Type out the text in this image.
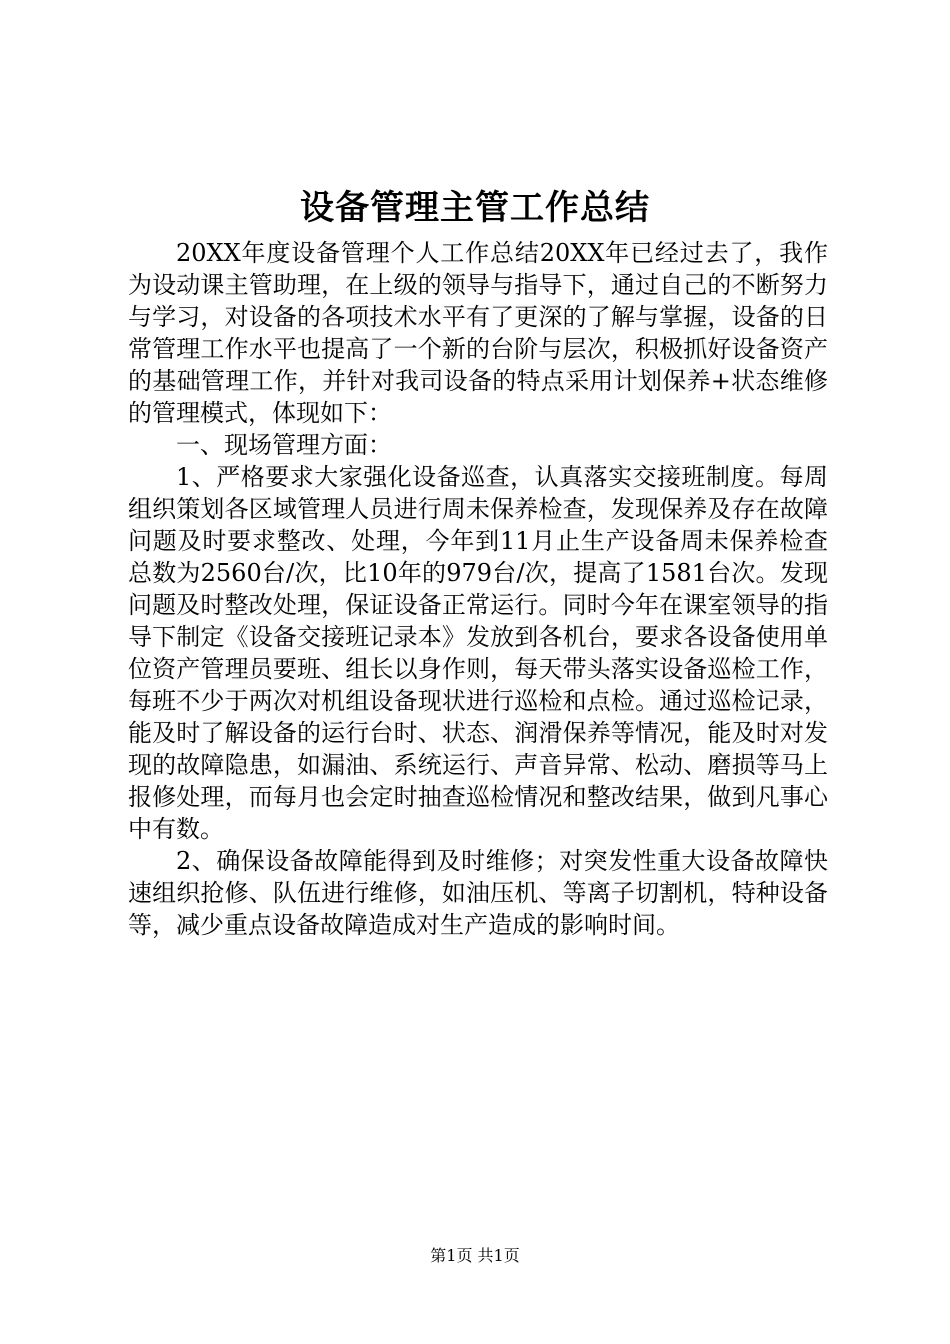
设备管理主管工作总结

20XX年度设备管理个人工作总结20XX年已经过去了，我作为设动课主管助理，在上级的领导与指导下，通过自己的不断努力与学习，对设备的各项技术水平有了更深的了解与掌握，设备的日常管理工作水平也提高了一个新的台阶与层次，积极抓好设备资产的基础管理工作，并针对我司设备的特点采用计划保养+状态维修的管理模式，体现如下：

一、现场管理方面：

1、严格要求大家强化设备巡查，认真落实交接班制度。每周组织策划各区域管理人员进行周未保养检查，发现保养及存在故障问题及时要求整改、处理，今年到11月止生产设备周未保养检查总数为2560台/次，比10年的979台/次，提高了1581台次。发现问题及时整改处理，保证设备正常运行。同时今年在课室领导的指导下制定《设备交接班记录本》发放到各机台，要求各设备使用单位资产管理员要班、组长以身作则，每天带头落实设备巡检工作，每班不少于两次对机组设备现状进行巡检和点检。通过巡检记录，能及时了解设备的运行台时、状态、润滑保养等情况，能及时对发现的故障隐患，如漏油、系统运行、声音异常、松动、磨损等马上报修处理，而每月也会定时抽查巡检情况和整改结果，做到凡事心中有数。

2、确保设备故障能得到及时维修；对突发性重大设备故障快速组织抢修、队伍进行维修，如油压机、等离子切割机，特种设备等，减少重点设备故障造成对生产造成的影响时间。

第1页 共1页
